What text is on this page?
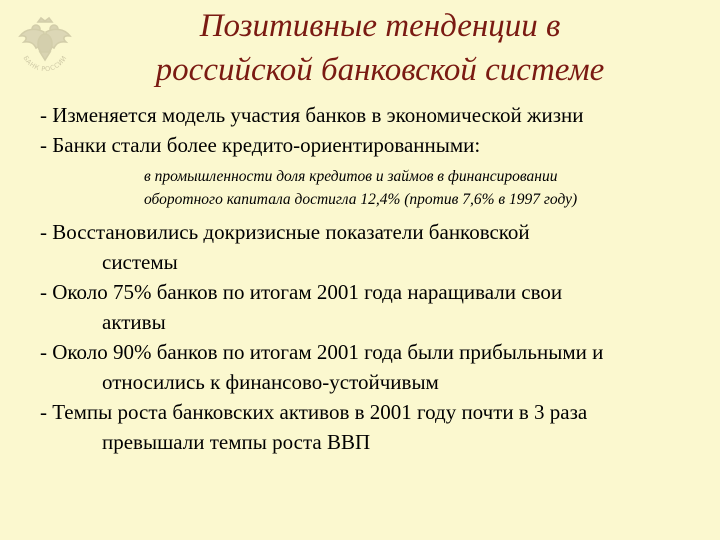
БАНК РОССИИ
Позитивные тенденции в
российской банковской системе

- Изменяется модель участия банков в экономической жизни

- Банки стали более кредито-ориентированными:

в промышленности доля кредитов и займов в финансировании
оборотного капитала достигла 12,4% (против 7,6% в 1997 году)

- Восстановились докризисные показатели банковской
системы

- Около 75% банков по итогам 2001 года наращивали свои
активы

- Около 90% банков по итогам 2001 года были прибыльными и
относились к финансово-устойчивым

- Темпы роста банковских активов в 2001 году почти в 3 раза
превышали темпы роста ВВП
